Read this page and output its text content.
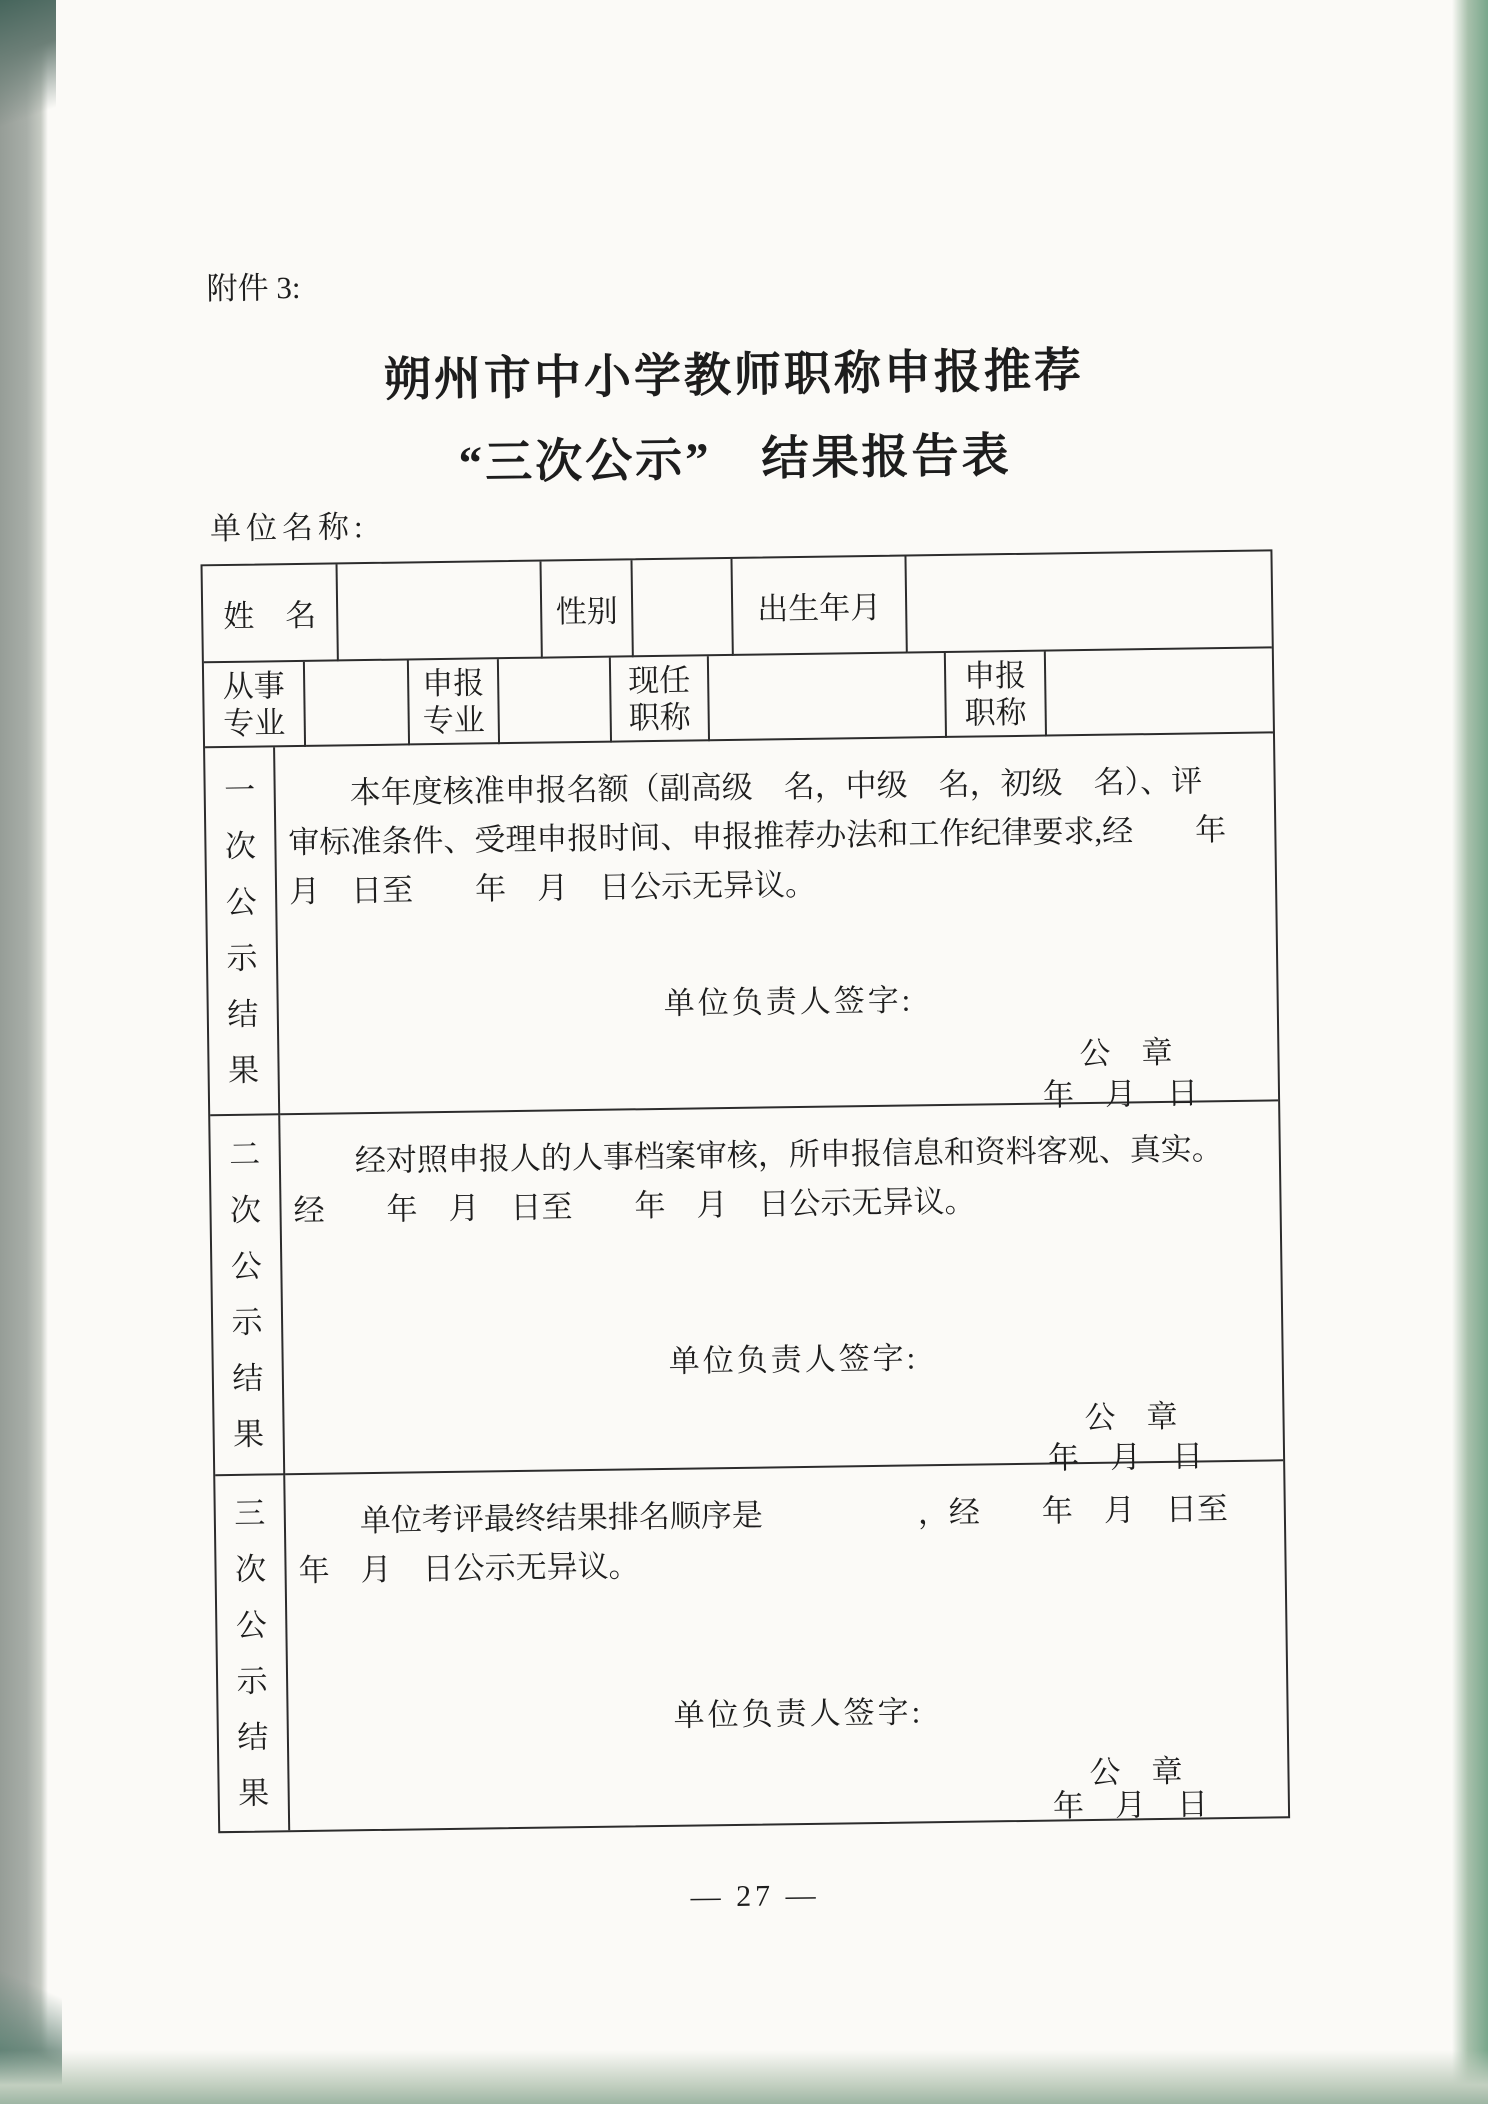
附件 3:
朔州市中小学教师职称申报推荐
“三次公示”　结果报告表
单位名称:
姓　名	性别	出生年月
从事专业
申报专业
现任职称
申报职称
一次公示结果
本年度核准申报名额（副高级　名，中级　名，初级　名）、评
审标准条件、受理申报时间、申报推荐办法和工作纪律要求,经　　年
月　日至　　年　月　日公示无异议。
单位负责人签字:
公　章
年　月　日
二次公示结果
经对照申报人的人事档案审核，所申报信息和资料客观、真实。
经　　年　月　日至　　年　月　日公示无异议。
单位负责人签字:
公　章
年　月　日
三次公示结果
单位考评最终结果排名顺序是　　　　　，经　　年　月　日至
年　月　日公示无异议。
单位负责人签字:
公　章
年　月　日
— 27 —
